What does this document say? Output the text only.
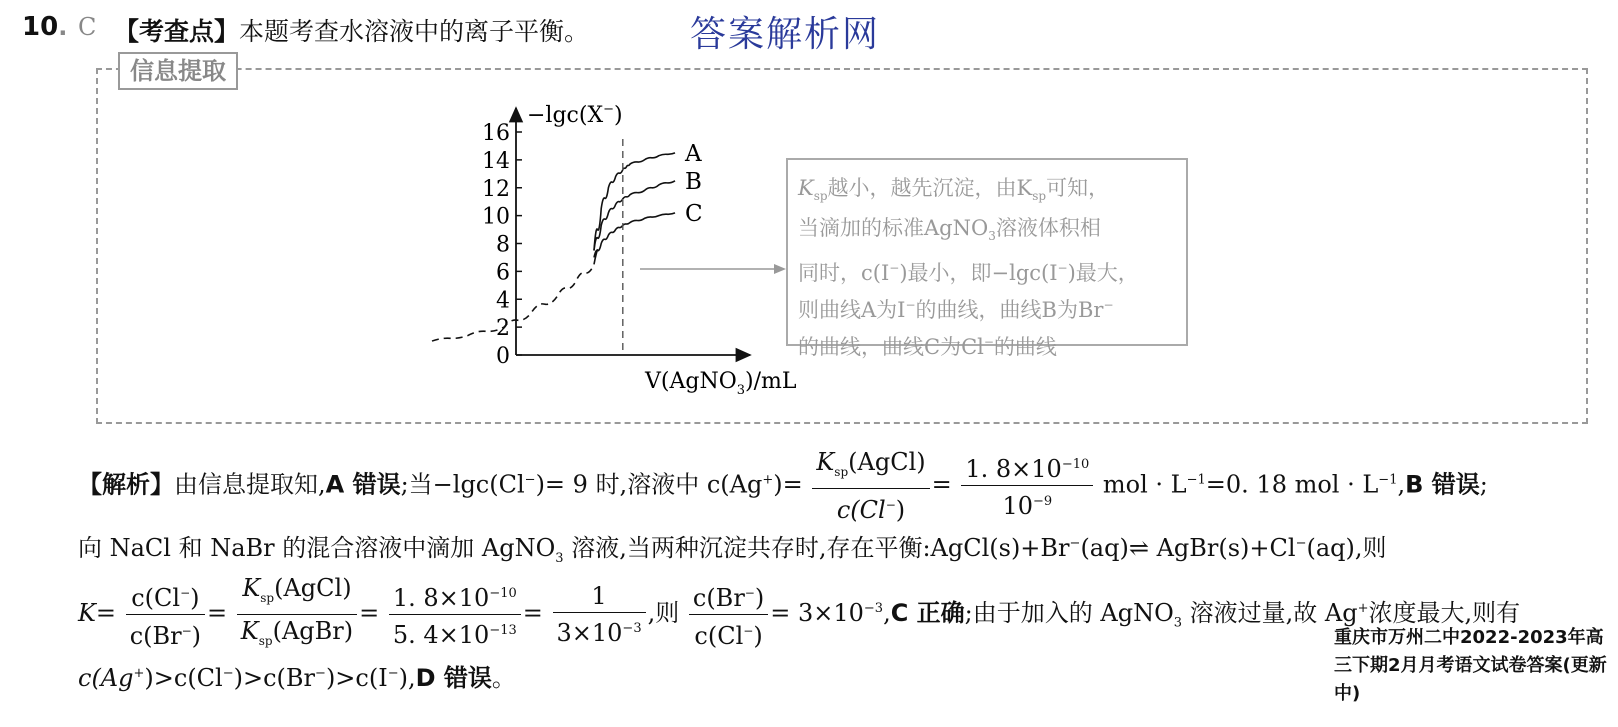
10. C 【考查点】本题考查水溶液中的离子平衡。	答案解析网
信息提取
−lgc(X−)
V(AgNO$_3$)/mL
0
2
4
6
8
10
12
14
16
A
B
C
$K_{sp}$越小，越先沉淀，由$K_{sp}$可知，
当滴加的标准AgNO$_3$溶液体积相
同时，c(I−)最小，即−lgc(I−)最大，
则曲线A为I−的曲线，曲线B为Br−
的曲线，曲线C为Cl−的曲线
【解析】由信息提取知,A 错误;当−lgc(Cl−)= 9 时,溶液中 $c(Ag^+)= \frac{K_{sp}(AgCl)}{c(Cl^-)} = \frac{1. 8\times 10^{-10}}{10^{-9}}$ mol · $L^{-1}=0$. 18 mol · $L^{-1},B$ 错误;
向 NaCl 和 NaBr 的混合溶液中滴加 AgNO$_3$ 溶液,当两种沉淀共存时,存在平衡:AgCl(s)+Br−(aq)⇌ AgBr(s)+Cl−(aq),则
$K= \frac{c(Cl^-)}{c(Br^-)} = \frac{K_{sp}(AgCl)}{K_{sp}(AgBr)} = \frac{1. 8\times 10^{-10}}{5. 4\times 10^{-13}} = \frac{1}{3\times 10^{-3}}$ ,则 $\frac{c(Br^-)}{c(Cl^-)} = 3\times 10^{-3},C$ 正确;由于加入的 AgNO$_3$ 溶液过量,故 Ag+浓度最大,则有
c(Ag+)>c(Cl−)>c(Br−)>c(I−),D 错误。
重庆市万州二中2022-2023年高三下期2月月考语文试卷答案(更新中)
